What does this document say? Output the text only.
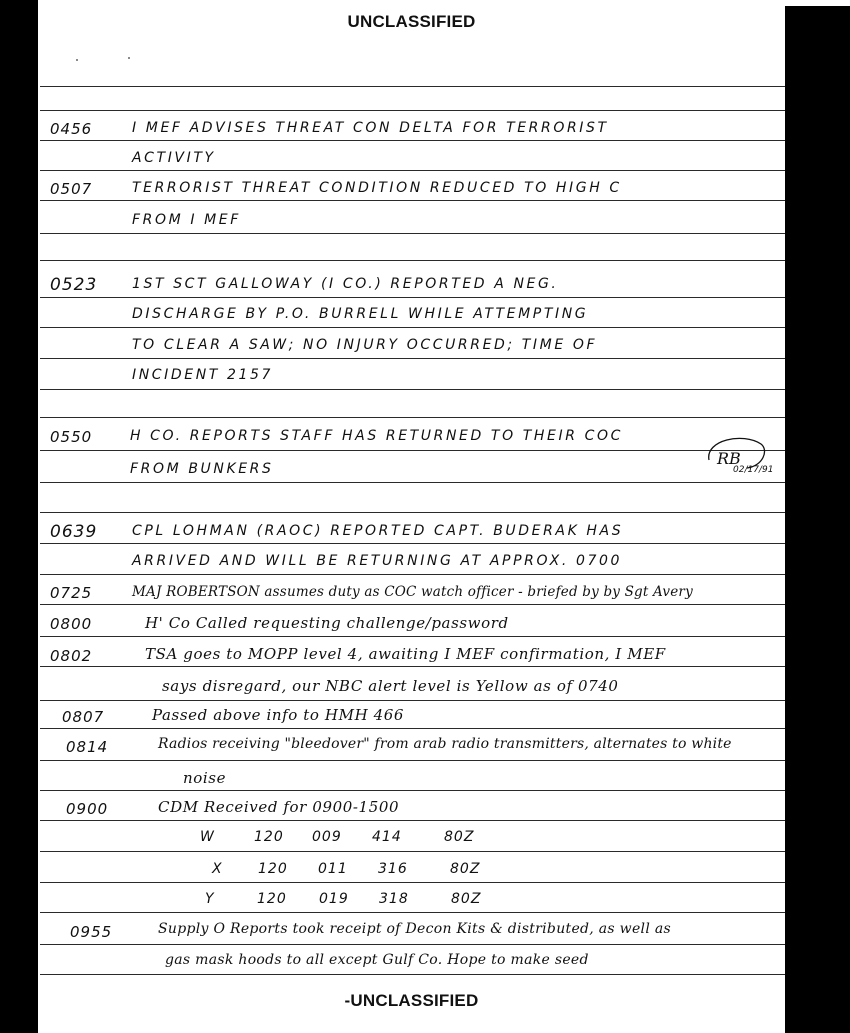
UNCLASSIFIED
0456	I MEF ADVISES THREAT CON DELTA FOR TERRORIST
ACTIVITY
0507	TERRORIST THREAT CONDITION REDUCED TO HIGH C
FROM I MEF
0523 1ST SCT GALLOWAY (I CO.) REPORTED A NEG.
DISCHARGE BY P.O. BURRELL WHILE ATTEMPTING
TO CLEAR A SAW; NO INJURY OCCURRED; TIME OF
INCIDENT 2157
0550	H CO. REPORTS STAFF HAS RETURNED TO THEIR COC
FROM BUNKERS
RB
02/17/91
0639 CPL LOHMAN (RAOC) REPORTED CAPT. BUDERAK HAS
ARRIVED AND WILL BE RETURNING AT APPROX. 0700
0725	MAJ ROBERTSON assumes duty as COC watch officer - briefed by by Sgt Avery
0800	H' Co Called requesting challenge/password
0802	TSA goes to MOPP level 4, awaiting I MEF confirmation, I MEF
says disregard, our NBC alert level is Yellow as of 0740
0807	Passed above info to HMH 466
0814	Radios receiving "bleedover" from arab radio transmitters, alternates to white
noise
0900	CDM Received for 0900-1500
W	120 009 414	80Z
X	120 011 316	80Z
Y	120 019 318	80Z
0955	Supply O Reports took receipt of Decon Kits & distributed, as well as
gas mask hoods to all except Gulf Co. Hope to make seed
-UNCLASSIFIED
